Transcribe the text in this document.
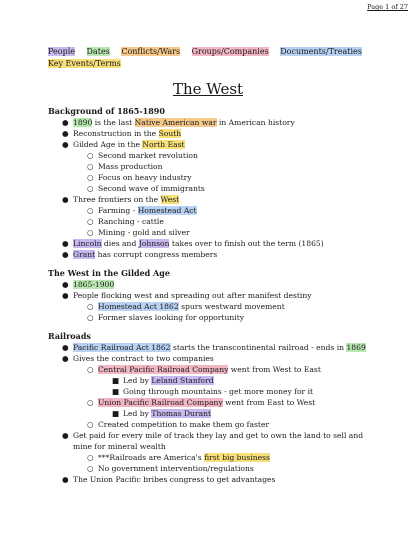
Page 1 of 27
People Dates Conflicts/Wars Groups/Companies Documents/Treaties Key Events/Terms
The West
Background of 1865-1890
● 1890 is the last Native American war in American history
● Reconstruction in the South
● Gilded Age in the North East
○ Second market revolution
○ Mass production
○ Focus on heavy industry
○ Second wave of immigrants
● Three frontiers on the West
○ Farming - Homestead Act
○ Ranching - cattle
○ Mining - gold and silver
● Lincoln dies and Johnson takes over to finish out the term (1865)
● Grant has corrupt congress members
The West in the Gilded Age
● 1865-1900
● People flocking west and spreading out after manifest destiny
○ Homestead Act 1862 spurs westward movement
○ Former slaves looking for opportunity
Railroads
● Pacific Railroad Act 1862 starts the transcontinental railroad - ends in 1869
● Gives the contract to two companies
○ Central Pacific Railroad Company went from West to East
■ Led by Leland Stanford
■ Going through mountains - get more money for it
○ Union Pacific Railroad Company went from East to West
■ Led by Thomas Durant
○ Created competition to make them go faster
● Get paid for every mile of track they lay and get to own the land to sell and mine for mineral wealth
○ ***Railroads are America's first big business
○ No government intervention/regulations
● The Union Pacific bribes congress to get advantages
